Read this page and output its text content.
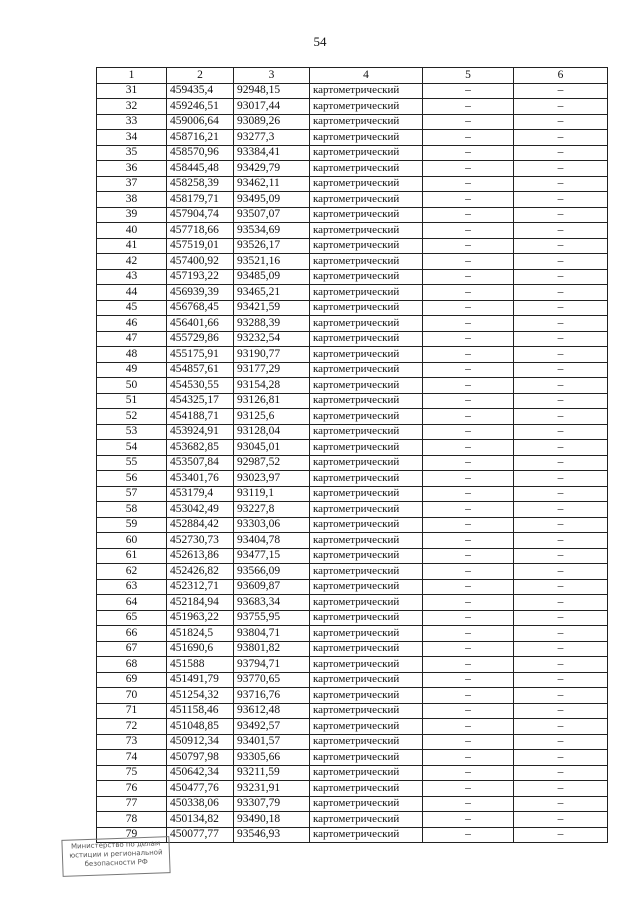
54
1	2	3	4	5	6
31	459435,4	92948,15	картометрический	–	–
32	459246,51	93017,44	картометрический	–	–
33	459006,64	93089,26	картометрический	–	–
34	458716,21	93277,3	картометрический	–	–
35	458570,96	93384,41	картометрический	–	–
36	458445,48	93429,79	картометрический	–	–
37	458258,39	93462,11	картометрический	–	–
38	458179,71	93495,09	картометрический	–	–
39	457904,74	93507,07	картометрический	–	–
40	457718,66	93534,69	картометрический	–	–
41	457519,01	93526,17	картометрический	–	–
42	457400,92	93521,16	картометрический	–	–
43	457193,22	93485,09	картометрический	–	–
44	456939,39	93465,21	картометрический	–	–
45	456768,45	93421,59	картометрический	–	–
46	456401,66	93288,39	картометрический	–	–
47	455729,86	93232,54	картометрический	–	–
48	455175,91	93190,77	картометрический	–	–
49	454857,61	93177,29	картометрический	–	–
50	454530,55	93154,28	картометрический	–	–
51	454325,17	93126,81	картометрический	–	–
52	454188,71	93125,6	картометрический	–	–
53	453924,91	93128,04	картометрический	–	–
54	453682,85	93045,01	картометрический	–	–
55	453507,84	92987,52	картометрический	–	–
56	453401,76	93023,97	картометрический	–	–
57	453179,4	93119,1	картометрический	–	–
58	453042,49	93227,8	картометрический	–	–
59	452884,42	93303,06	картометрический	–	–
60	452730,73	93404,78	картометрический	–	–
61	452613,86	93477,15	картометрический	–	–
62	452426,82	93566,09	картометрический	–	–
63	452312,71	93609,87	картометрический	–	–
64	452184,94	93683,34	картометрический	–	–
65	451963,22	93755,95	картометрический	–	–
66	451824,5	93804,71	картометрический	–	–
67	451690,6	93801,82	картометрический	–	–
68	451588	93794,71	картометрический	–	–
69	451491,79	93770,65	картометрический	–	–
70	451254,32	93716,76	картометрический	–	–
71	451158,46	93612,48	картометрический	–	–
72	451048,85	93492,57	картометрический	–	–
73	450912,34	93401,57	картометрический	–	–
74	450797,98	93305,66	картометрический	–	–
75	450642,34	93211,59	картометрический	–	–
76	450477,76	93231,91	картометрический	–	–
77	450338,06	93307,79	картометрический	–	–
78	450134,82	93490,18	картометрический	–	–
79	450077,77	93546,93	картометрический	–	–
Министерство по делам
юстиции и региональной
безопасности РФ
